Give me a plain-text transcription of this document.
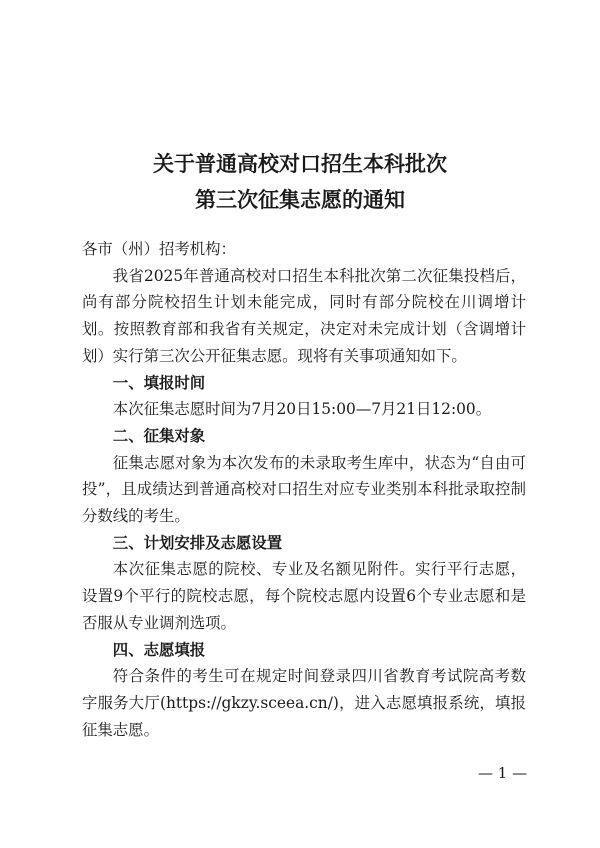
关于普通高校对口招生本科批次
第三次征集志愿的通知

各市（州）招考机构：

我省2025年普通高校对口招生本科批次第二次征集投档后，尚有部分院校招生计划未能完成，同时有部分院校在川调增计划。按照教育部和我省有关规定，决定对未完成计划（含调增计划）实行第三次公开征集志愿。现将有关事项通知如下。

一、填报时间

本次征集志愿时间为7月20日15:00—7月21日12:00。

二、征集对象

征集志愿对象为本次发布的未录取考生库中，状态为“自由可投”，且成绩达到普通高校对口招生对应专业类别本科批录取控制分数线的考生。

三、计划安排及志愿设置

本次征集志愿的院校、专业及名额见附件。实行平行志愿，设置9个平行的院校志愿，每个院校志愿内设置6个专业志愿和是否服从专业调剂选项。

四、志愿填报

符合条件的考生可在规定时间登录四川省教育考试院高考数字服务大厅(https://gkzy.sceea.cn/)，进入志愿填报系统，填报征集志愿。

— 1 —
